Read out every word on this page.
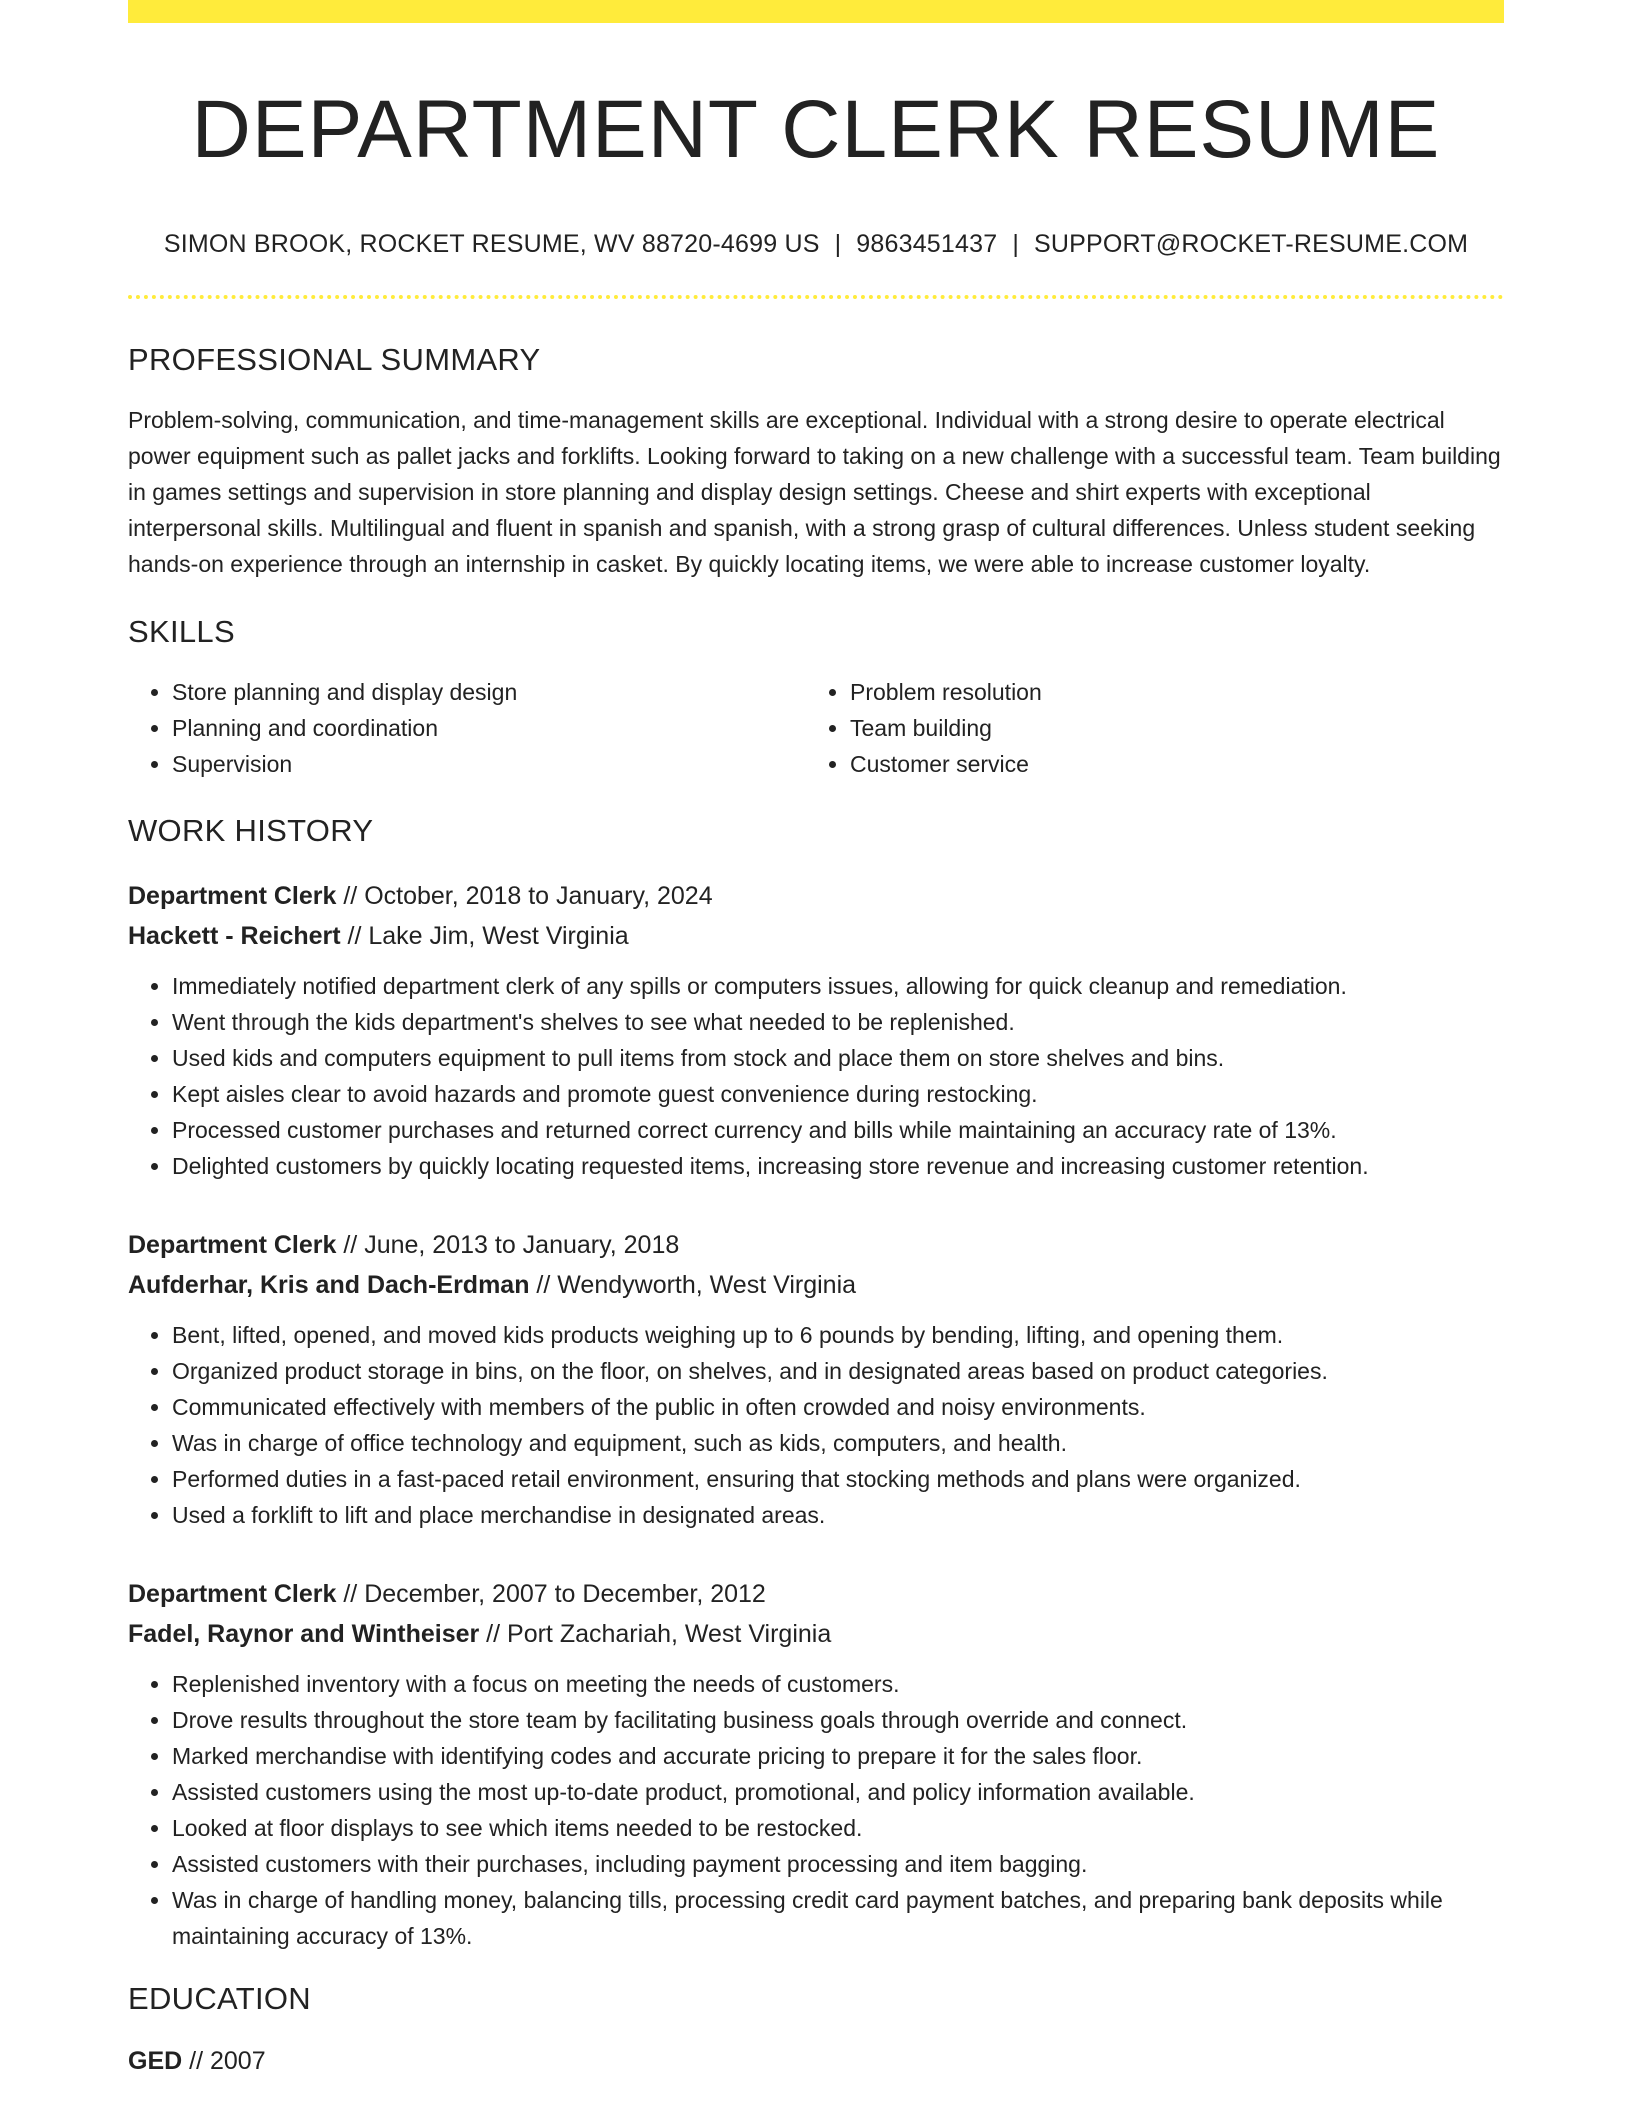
DEPARTMENT CLERK RESUME
SIMON BROOK, ROCKET RESUME, WV 88720-4699 US | 9863451437 | SUPPORT@ROCKET-RESUME.COM
PROFESSIONAL SUMMARY

Problem-solving, communication, and time-management skills are exceptional. Individual with a strong desire to operate electrical power equipment such as pallet jacks and forklifts. Looking forward to taking on a new challenge with a successful team. Team building in games settings and supervision in store planning and display design settings. Cheese and shirt experts with exceptional interpersonal skills. Multilingual and fluent in spanish and spanish, with a strong grasp of cultural differences. Unless student seeking hands-on experience through an internship in casket. By quickly locating items, we were able to increase customer loyalty.

SKILLS
• Store planning and display design
• Planning and coordination
• Supervision
• Problem resolution
• Team building
• Customer service
WORK HISTORY
Department Clerk // October, 2018 to January, 2024
Hackett - Reichert // Lake Jim, West Virginia
• Immediately notified department clerk of any spills or computers issues, allowing for quick cleanup and remediation.
• Went through the kids department's shelves to see what needed to be replenished.
• Used kids and computers equipment to pull items from stock and place them on store shelves and bins.
• Kept aisles clear to avoid hazards and promote guest convenience during restocking.
• Processed customer purchases and returned correct currency and bills while maintaining an accuracy rate of 13%.
• Delighted customers by quickly locating requested items, increasing store revenue and increasing customer retention.
Department Clerk // June, 2013 to January, 2018
Aufderhar, Kris and Dach-Erdman // Wendyworth, West Virginia
• Bent, lifted, opened, and moved kids products weighing up to 6 pounds by bending, lifting, and opening them.
• Organized product storage in bins, on the floor, on shelves, and in designated areas based on product categories.
• Communicated effectively with members of the public in often crowded and noisy environments.
• Was in charge of office technology and equipment, such as kids, computers, and health.
• Performed duties in a fast-paced retail environment, ensuring that stocking methods and plans were organized.
• Used a forklift to lift and place merchandise in designated areas.
Department Clerk // December, 2007 to December, 2012
Fadel, Raynor and Wintheiser // Port Zachariah, West Virginia
• Replenished inventory with a focus on meeting the needs of customers.
• Drove results throughout the store team by facilitating business goals through override and connect.
• Marked merchandise with identifying codes and accurate pricing to prepare it for the sales floor.
• Assisted customers using the most up-to-date product, promotional, and policy information available.
• Looked at floor displays to see which items needed to be restocked.
• Assisted customers with their purchases, including payment processing and item bagging.
• Was in charge of handling money, balancing tills, processing credit card payment batches, and preparing bank deposits while maintaining accuracy of 13%.
EDUCATION
GED // 2007
